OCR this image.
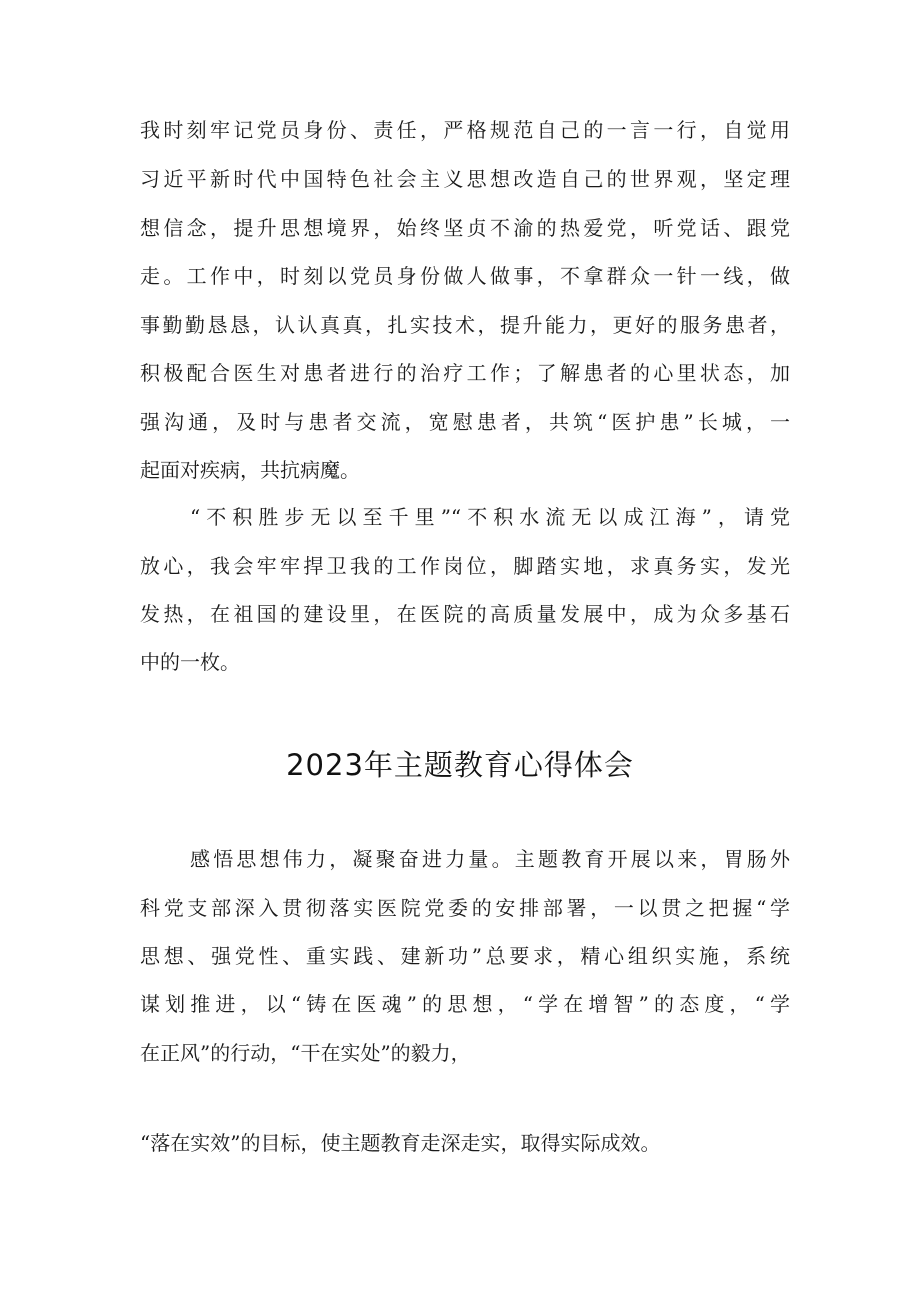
我时刻牢记党员身份、责任，严格规范自己的一言一行，自觉用
习近平新时代中国特色社会主义思想改造自己的世界观，坚定理
想信念，提升思想境界，始终坚贞不渝的热爱党，听党话、跟党
走。工作中，时刻以党员身份做人做事，不拿群众一针一线，做
事勤勤恳恳，认认真真，扎实技术，提升能力，更好的服务患者，
积极配合医生对患者进行的治疗工作；了解患者的心里状态，加
强沟通，及时与患者交流，宽慰患者，共筑“医护患”长城，一
起面对疾病，共抗病魔。
“不积胜步无以至千里”“不积水流无以成江海”，请党
放心，我会牢牢捍卫我的工作岗位，脚踏实地，求真务实，发光
发热，在祖国的建设里，在医院的高质量发展中，成为众多基石
中的一枚。
2023年主题教育心得体会
感悟思想伟力，凝聚奋进力量。主题教育开展以来，胃肠外
科党支部深入贯彻落实医院党委的安排部署，一以贯之把握“学
思想、强党性、重实践、建新功”总要求，精心组织实施，系统
谋划推进，以“铸在医魂”的思想，“学在增智”的态度，“学
在正风”的行动，“干在实处”的毅力，
“落在实效”的目标，使主题教育走深走实，取得实际成效。
